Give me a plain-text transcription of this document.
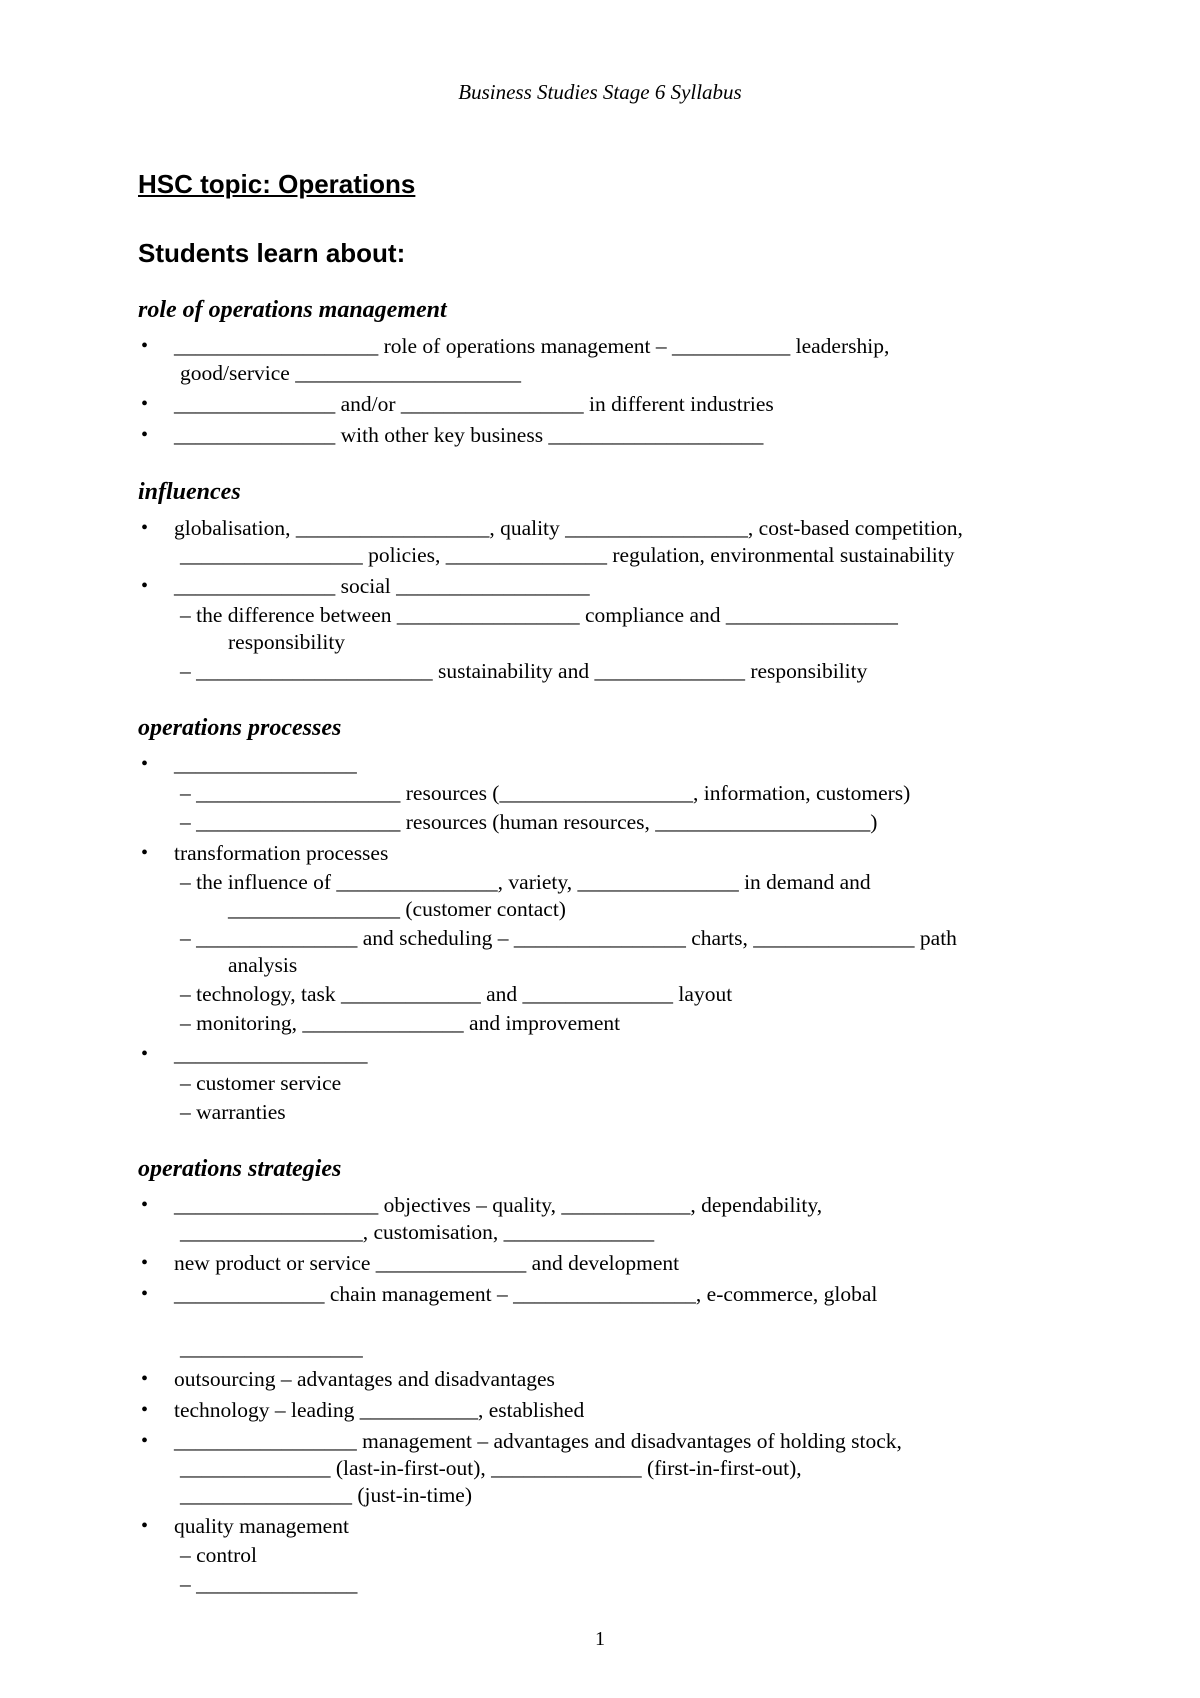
Business Studies Stage 6 Syllabus
HSC topic: Operations
Students learn about:
role of operations management
• ___________________ role of operations management – ___________ leadership,
good/service _____________________
• _______________ and/or _________________ in different industries
• _______________ with other key business ____________________
influences
• globalisation, __________________, quality _________________, cost-based competition,
_________________ policies, _______________ regulation, environmental sustainability
• _______________ social __________________
– the difference between _________________ compliance and ________________
responsibility
– ______________________ sustainability and ______________ responsibility
operations processes
• _________________
– ___________________ resources (__________________, information, customers)
– ___________________ resources (human resources, ____________________)
• transformation processes
– the influence of _______________, variety, _______________ in demand and
________________ (customer contact)
– _______________ and scheduling – ________________ charts, _______________ path
analysis
– technology, task _____________ and ______________ layout
– monitoring, _______________ and improvement
• __________________
– customer service
– warranties
operations strategies
• ___________________ objectives – quality, ____________, dependability,
_________________, customisation, ______________
• new product or service ______________ and development
• ______________ chain management – _________________, e-commerce, global
_________________
• outsourcing – advantages and disadvantages
• technology – leading ___________, established
• _________________ management – advantages and disadvantages of holding stock,
______________ (last-in-first-out), ______________ (first-in-first-out),
________________ (just-in-time)
• quality management
– control
– _______________
1
